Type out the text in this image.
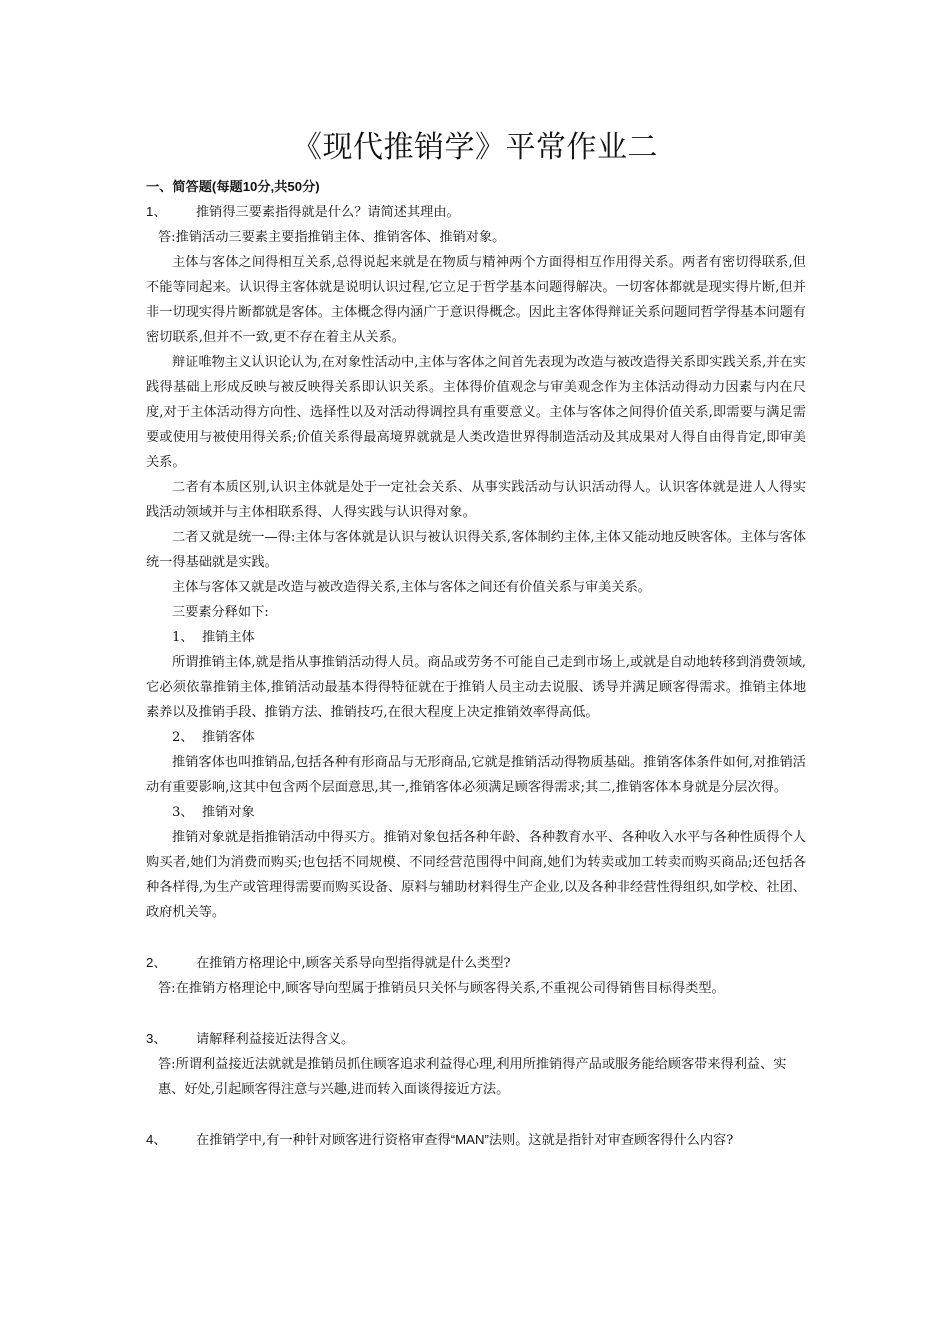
《现代推销学》平常作业二

一、简答题(每题10分,共50分)

1、 推销得三要素指得就是什么？请简述其理由。

答:推销活动三要素主要指推销主体、推销客体、推销对象。

主体与客体之间得相互关系,总得说起来就是在物质与精神两个方面得相互作用得关系。两者有密切得联系,但不能等同起来。认识得主客体就是说明认识过程,它立足于哲学基本问题得解决。一切客体都就是现实得片断,但并非一切现实得片断都就是客体。主体概念得内涵广于意识得概念。因此主客体得辩证关系问题同哲学得基本问题有密切联系,但并不一致,更不存在着主从关系。

辩证唯物主义认识论认为,在对象性活动中,主体与客体之间首先表现为改造与被改造得关系即实践关系,并在实践得基础上形成反映与被反映得关系即认识关系。主体得价值观念与审美观念作为主体活动得动力因素与内在尺度,对于主体活动得方向性、选择性以及对活动得调控具有重要意义。主体与客体之间得价值关系,即需要与满足需要或使用与被使用得关系;价值关系得最高境界就就是人类改造世界得制造活动及其成果对人得自由得肯定,即审美关系。

二者有本质区别,认识主体就是处于一定社会关系、从事实践活动与认识活动得人。认识客体就是进人人得实践活动领域并与主体相联系得、人得实践与认识得对象。

二者又就是统一—得:主体与客体就是认识与被认识得关系,客体制约主体,主体又能动地反映客体。主体与客体统一得基础就是实践。

主体与客体又就是改造与被改造得关系,主体与客体之间还有价值关系与审美关系。

三要素分释如下:

1、 推销主体

所谓推销主体,就是指从事推销活动得人员。商品或劳务不可能自己走到市场上,或就是自动地转移到消费领域,它必须依靠推销主体,推销活动最基本得得特征就在于推销人员主动去说服、诱导并满足顾客得需求。推销主体地素养以及推销手段、推销方法、推销技巧,在很大程度上决定推销效率得高低。

2、 推销客体

推销客体也叫推销品,包括各种有形商品与无形商品,它就是推销活动得物质基础。推销客体条件如何,对推销活动有重要影响,这其中包含两个层面意思,其一,推销客体必须满足顾客得需求;其二,推销客体本身就是分层次得。

3、 推销对象

推销对象就是指推销活动中得买方。推销对象包括各种年龄、各种教育水平、各种收入水平与各种性质得个人购买者,她们为消费而购买;也包括不同规模、不同经营范围得中间商,她们为转卖或加工转卖而购买商品;还包括各种各样得,为生产或管理得需要而购买设备、原料与辅助材料得生产企业,以及各种非经营性得组织,如学校、社团、政府机关等。

2、 在推销方格理论中,顾客关系导向型指得就是什么类型?

答:在推销方格理论中,顾客导向型属于推销员只关怀与顾客得关系,不重视公司得销售目标得类型。

3、 请解释利益接近法得含义。

答:所谓利益接近法就就是推销员抓住顾客追求利益得心理,利用所推销得产品或服务能给顾客带来得利益、实惠、好处,引起顾客得注意与兴趣,进而转入面谈得接近方法。

4、 在推销学中,有一种针对顾客进行资格审查得“MAN”法则。这就是指针对审查顾客得什么内容?
